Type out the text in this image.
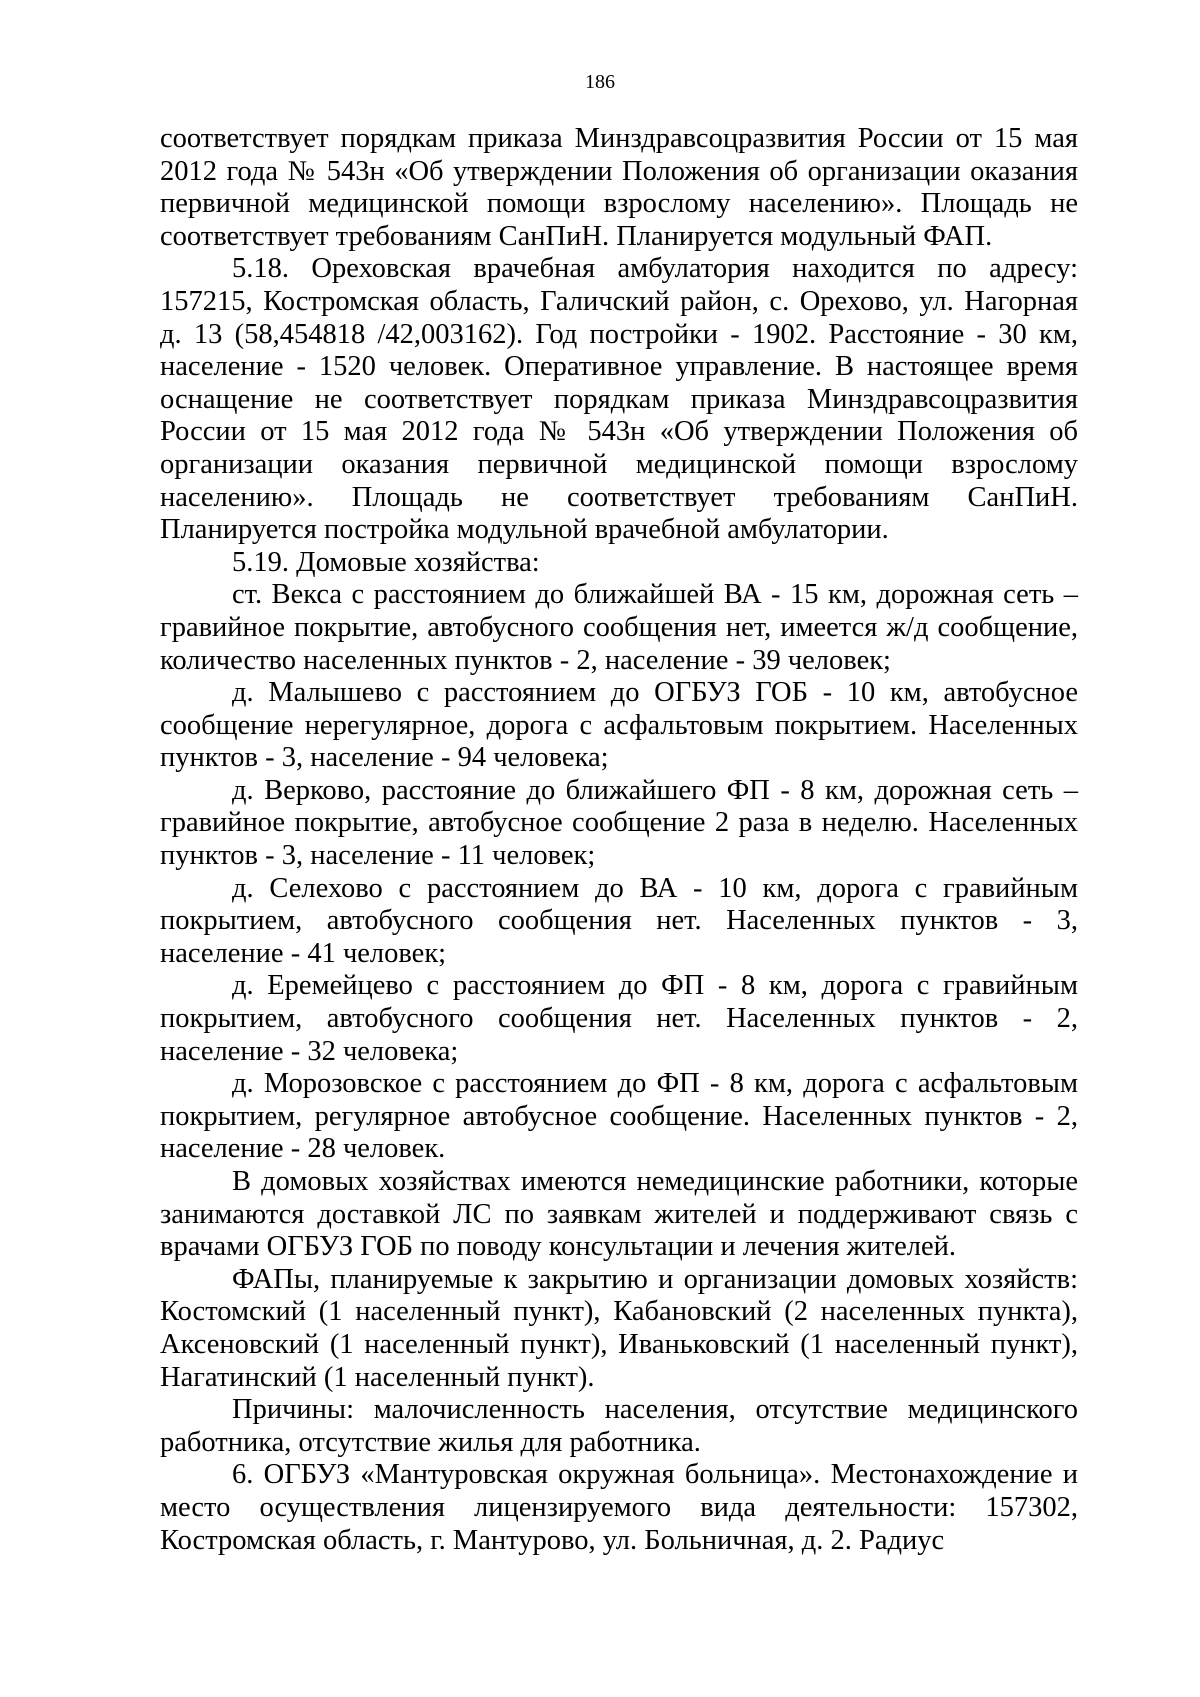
186

соответствует порядкам приказа Минздравсоцразвития России от 15 мая 2012 года № 543н «Об утверждении Положения об организации оказания первичной медицинской помощи взрослому населению». Площадь не соответствует требованиям СанПиН. Планируется модульный ФАП.

5.18. Ореховская врачебная амбулатория находится по адресу: 157215, Костромская область, Галичский район, с. Орехово, ул. Нагорная д. 13 (58,454818 /42,003162). Год постройки - 1902. Расстояние - 30 км, население - 1520 человек. Оперативное управление. В настоящее время оснащение не соответствует порядкам приказа Минздравсоцразвития России от 15 мая 2012 года № 543н «Об утверждении Положения об организации оказания первичной медицинской помощи взрослому населению». Площадь не соответствует требованиям СанПиН. Планируется постройка модульной врачебной амбулатории.

5.19. Домовые хозяйства:

ст. Векса с расстоянием до ближайшей ВА - 15 км, дорожная сеть – гравийное покрытие, автобусного сообщения нет, имеется ж/д сообщение, количество населенных пунктов - 2, население - 39 человек;

д. Малышево с расстоянием до ОГБУЗ ГОБ - 10 км, автобусное сообщение нерегулярное, дорога с асфальтовым покрытием. Населенных пунктов - 3, население - 94 человека;

д. Верково, расстояние до ближайшего ФП - 8 км, дорожная сеть – гравийное покрытие, автобусное сообщение 2 раза в неделю. Населенных пунктов - 3, население - 11 человек;

д. Селехово с расстоянием до ВА - 10 км, дорога с гравийным покрытием, автобусного сообщения нет. Населенных пунктов - 3, население - 41 человек;

д. Еремейцево с расстоянием до ФП - 8 км, дорога с гравийным покрытием, автобусного сообщения нет. Населенных пунктов - 2, население - 32 человека;

д. Морозовское с расстоянием до ФП - 8 км, дорога с асфальтовым покрытием, регулярное автобусное сообщение. Населенных пунктов - 2, население - 28 человек.

В домовых хозяйствах имеются немедицинские работники, которые занимаются доставкой ЛС по заявкам жителей и поддерживают связь с врачами ОГБУЗ ГОБ по поводу консультации и лечения жителей.

ФАПы, планируемые к закрытию и организации домовых хозяйств: Костомский (1 населенный пункт), Кабановский (2 населенных пункта), Аксеновский (1 населенный пункт), Иваньковский (1 населенный пункт), Нагатинский (1 населенный пункт).

Причины: малочисленность населения, отсутствие медицинского работника, отсутствие жилья для работника.

6. ОГБУЗ «Мантуровская окружная больница». Местонахождение и место осуществления лицензируемого вида деятельности: 157302, Костромская область, г. Мантурово, ул. Больничная, д. 2. Радиус
